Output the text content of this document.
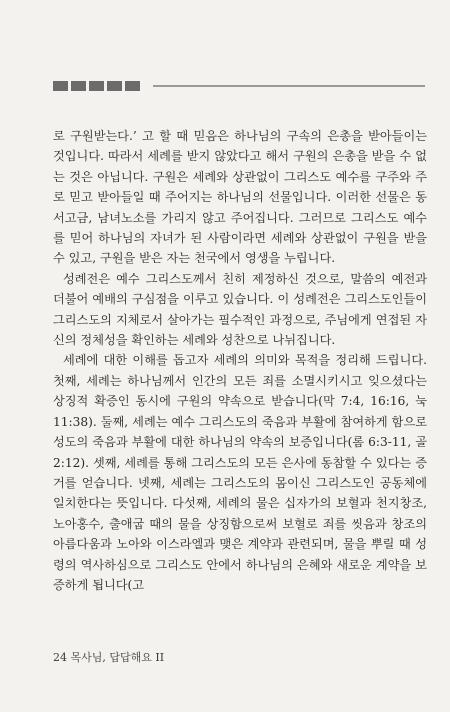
로 구원받는다.’ 고 할 때 믿음은 하나님의 구속의 은총을 받아들이는 것입니다. 따라서 세례를 받지 않았다고 해서 구원의 은총을 받을 수 없는 것은 아닙니다. 구원은 세례와 상관없이 그리스도 예수를 구주와 주로 믿고 받아들일 때 주어지는 하나님의 선물입니다. 이러한 선물은 동서고금, 남녀노소를 가리지 않고 주어집니다. 그러므로 그리스도 예수를 믿어 하나님의 자녀가 된 사람이라면 세례와 상관없이 구원을 받을 수 있고, 구원을 받은 자는 천국에서 영생을 누립니다.

성례전은 예수 그리스도께서 친히 제정하신 것으로, 말씀의 예전과 더불어 예배의 구심점을 이루고 있습니다. 이 성례전은 그리스도인들이 그리스도의 지체로서 살아가는 필수적인 과정으로, 주님에게 연접된 자신의 정체성을 확인하는 세례와 성찬으로 나뉘집니다.

세례에 대한 이해를 돕고자 세례의 의미와 목적을 정리해 드립니다. 첫째, 세례는 하나님께서 인간의 모든 죄를 소멸시키시고 잊으셨다는 상징적 확증인 동시에 구원의 약속으로 받습니다(막 7:4, 16:16, 눅 11:38). 둘째, 세례는 예수 그리스도의 죽음과 부활에 참여하게 함으로 성도의 죽음과 부활에 대한 하나님의 약속의 보증입니다(롬 6:3-11, 골 2:12). 셋째, 세례를 통해 그리스도의 모든 은사에 동참할 수 있다는 증거를 얻습니다. 넷째, 세례는 그리스도의 몸이신 그리스도인 공동체에 일치한다는 뜻입니다. 다섯째, 세례의 물은 십자가의 보혈과 천지창조, 노아홍수, 출애굽 때의 물을 상징함으로써 보혈로 죄를 씻음과 창조의 아름다움과 노아와 이스라엘과 맺은 계약과 관련되며, 물을 뿌릴 때 성령의 역사하심으로 그리스도 안에서 하나님의 은혜와 새로운 계약을 보증하게 됩니다(고

24 목사님, 답답해요 II
